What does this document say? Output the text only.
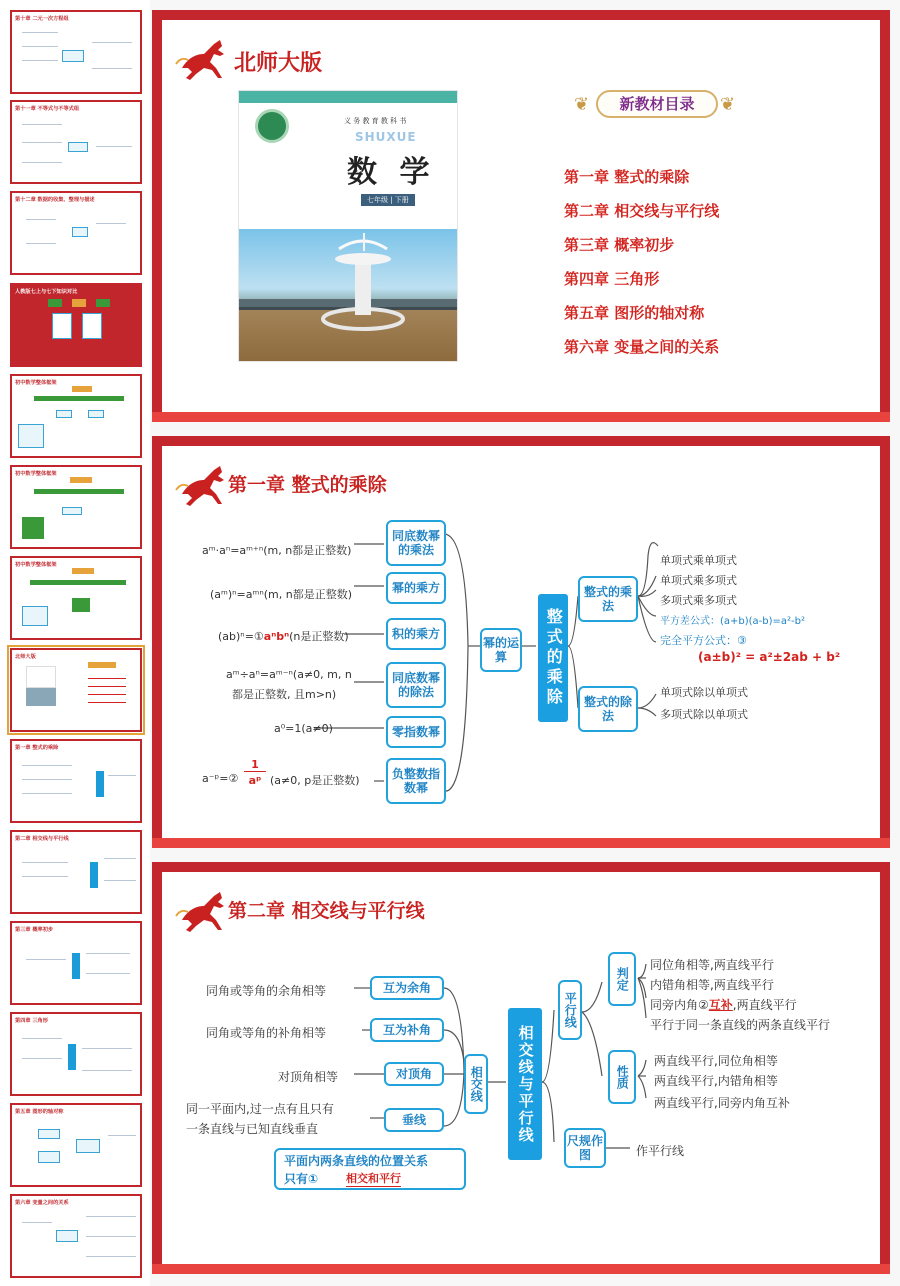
第十章 二元一次方程组
第十一章 不等式与不等式组
第十二章 数据的收集、整理与描述
人教版七上与七下知识对比
初中数学整体框架
初中数学整体框架
初中数学整体框架
北师大版
第一章 整式的乘除
第二章 相交线与平行线
第三章 概率初步
第四章 三角形
第五章 图形的轴对称
第六章 变量之间的关系
北师大版
义 务 教 育 教 科 书
SHUXUE
数 学
七年级 | 下册
❦	新教材目录	❦
第一章 整式的乘除
第二章 相交线与平行线
第三章 概率初步
第四章 三角形
第五章 图形的轴对称
第六章 变量之间的关系
第一章 整式的乘除
aᵐ·aⁿ=aᵐ⁺ⁿ(m, n都是正整数)
(aᵐ)ⁿ=aᵐⁿ(m, n都是正整数)
(ab)ⁿ=①aⁿbⁿ(n是正整数)
aᵐ÷aⁿ=aᵐ⁻ⁿ(a≠0, m, n
都是正整数, 且m>n)
a⁰=1(a≠0)
a⁻ᵖ=②
1
aᵖ (a≠0, p是正整数)
同底数幂的乘法
幂的乘方
积的乘方
同底数幂的除法
零指数幂
负整数指数幂
幂的运算	整式的乘除
整式的乘法
整式的除法
单项式乘单项式
单项式乘多项式
多项式乘多项式
平方差公式：(a+b)(a-b)=a²-b²
完全平方公式：③
(a±b)² = a²±2ab + b²
单项式除以单项式
多项式除以单项式
第二章 相交线与平行线
同角或等角的余角相等
同角或等角的补角相等
对顶角相等
同一平面内,过一点有且只有
一条直线与已知直线垂直
互为余角
互为补角
对顶角
垂线
相交线	相交线与平行线
平行线
判定
性质
尺规作图
同位角相等,两直线平行
内错角相等,两直线平行
同旁内角②互补,两直线平行
平行于同一条直线的两条直线平行
两直线平行,同位角相等
两直线平行,内错角相等
两直线平行,同旁内角互补
作平行线
平面内两条直线的位置关系
只有①	相交和平行
